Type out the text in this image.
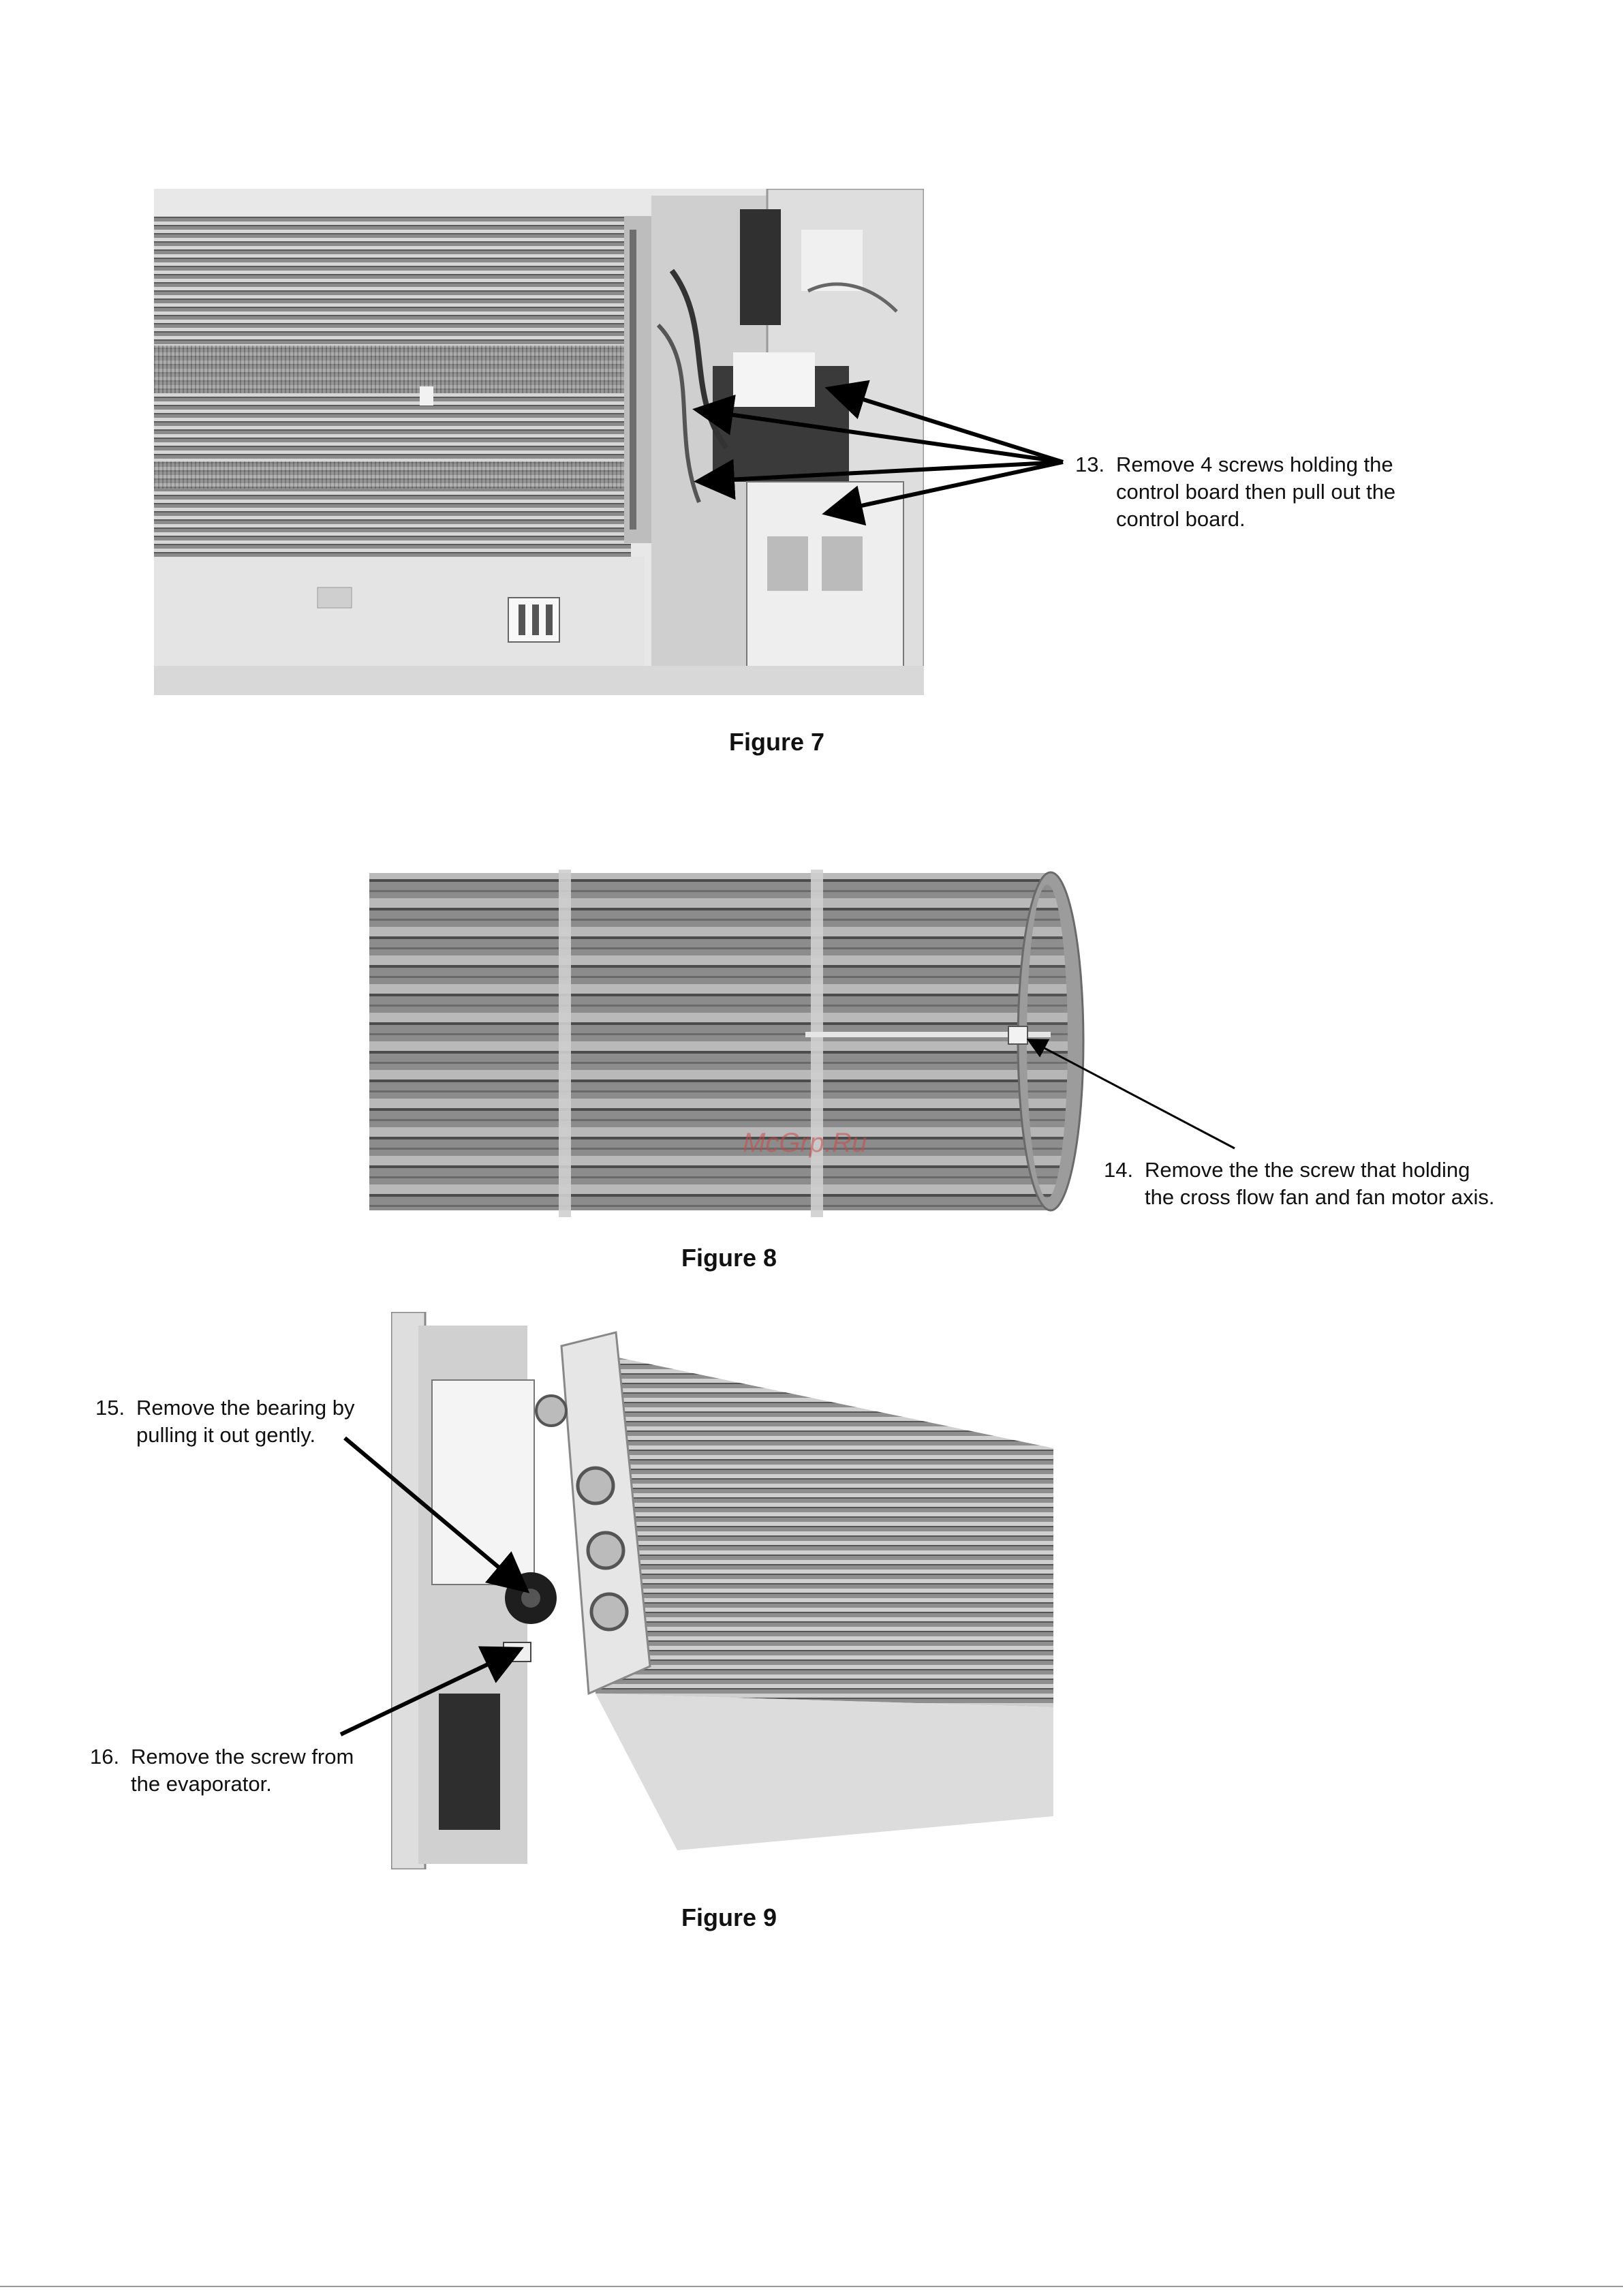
Figure 7
McGrp.Ru
Figure 8
Figure 9
13. Remove 4 screws holding the control board then pull out the control board.
14. Remove the the screw that holding the cross flow fan and fan motor axis.
15. Remove the bearing by pulling it out gently.
16. Remove the screw from the evaporator.
